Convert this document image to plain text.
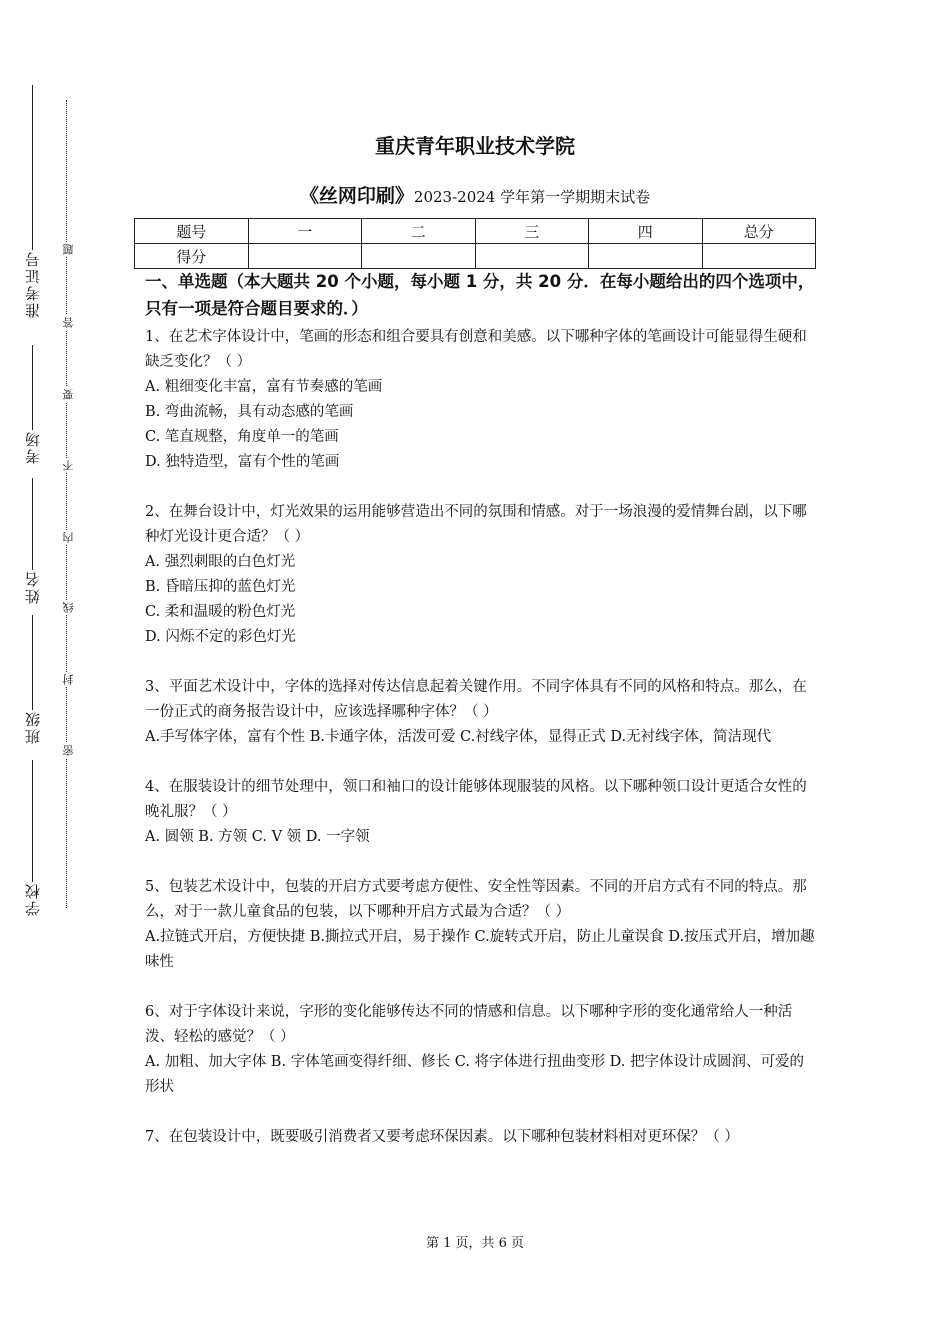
准考证号
考场
姓名
班级
学校
题
答
要
不
内
线
封
密
重庆青年职业技术学院
《丝网印刷》2023-2024 学年第一学期期末试卷
题号	一	二	三	四	总分
得分					

一、单选题（本大题共 20 个小题，每小题 1 分，共 20 分．在每小题给出的四个选项中，只有一项是符合题目要求的．）

1、在艺术字体设计中，笔画的形态和组合要具有创意和美感。以下哪种字体的笔画设计可能显得生硬和缺乏变化？（ ）

A. 粗细变化丰富，富有节奏感的笔画

B. 弯曲流畅，具有动态感的笔画

C. 笔直规整，角度单一的笔画

D. 独特造型，富有个性的笔画

2、在舞台设计中，灯光效果的运用能够营造出不同的氛围和情感。对于一场浪漫的爱情舞台剧，以下哪种灯光设计更合适？（ ）

A. 强烈刺眼的白色灯光

B. 昏暗压抑的蓝色灯光

C. 柔和温暖的粉色灯光

D. 闪烁不定的彩色灯光

3、平面艺术设计中，字体的选择对传达信息起着关键作用。不同字体具有不同的风格和特点。那么，在一份正式的商务报告设计中，应该选择哪种字体？（ ）

A.手写体字体，富有个性 B.卡通字体，活泼可爱 C.衬线字体，显得正式 D.无衬线字体，简洁现代

4、在服装设计的细节处理中，领口和袖口的设计能够体现服装的风格。以下哪种领口设计更适合女性的晚礼服？（ ）

A. 圆领 B. 方领 C. V 领 D. 一字领

5、包装艺术设计中，包装的开启方式要考虑方便性、安全性等因素。不同的开启方式有不同的特点。那么，对于一款儿童食品的包装，以下哪种开启方式最为合适？（ ）

A.拉链式开启，方便快捷 B.撕拉式开启，易于操作 C.旋转式开启，防止儿童误食 D.按压式开启，增加趣味性

6、对于字体设计来说，字形的变化能够传达不同的情感和信息。以下哪种字形的变化通常给人一种活泼、轻松的感觉？（ ）

A. 加粗、加大字体 B. 字体笔画变得纤细、修长 C. 将字体进行扭曲变形 D. 把字体设计成圆润、可爱的形状

7、在包装设计中，既要吸引消费者又要考虑环保因素。以下哪种包装材料相对更环保？（ ）

第 1 页，共 6 页
